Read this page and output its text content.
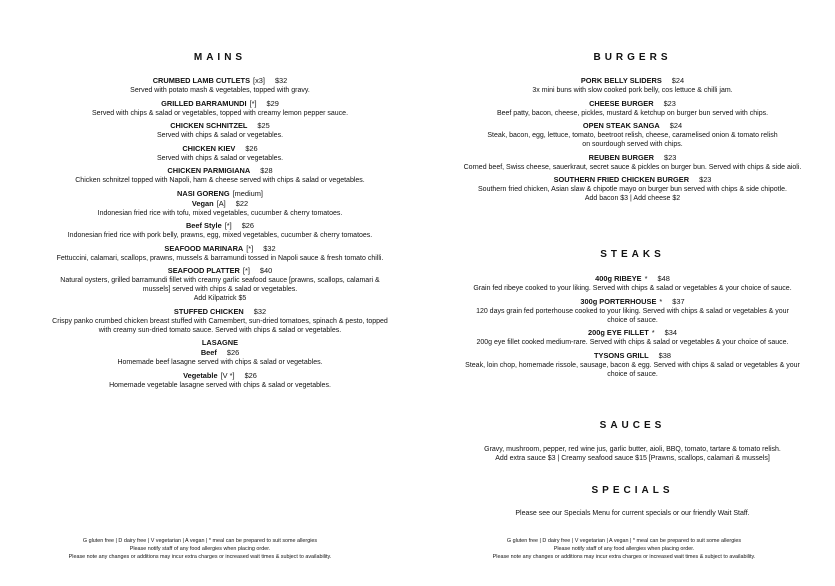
MAINS
CRUMBED LAMB CUTLETS [x3] $32
Served with potato mash & vegetables, topped with gravy.
GRILLED BARRAMUNDI [*] $29
Served with chips & salad or vegetables, topped with creamy lemon pepper sauce.
CHICKEN SCHNITZEL $25
Served with chips & salad or vegetables.
CHICKEN KIEV $26
Served with chips & salad or vegetables.
CHICKEN PARMIGIANA $28
Chicken schnitzel topped with Napoli, ham & cheese served with chips & salad or vegetables.
NASI GORENG [medium]
Vegan [A] $22
Indonesian fried rice with tofu, mixed vegetables, cucumber & cherry tomatoes.
Beef Style [*] $26
Indonesian fried rice with pork belly, prawns, egg, mixed vegetables, cucumber & cherry tomatoes.
SEAFOOD MARINARA [*] $32
Fettuccini, calamari, scallops, prawns, mussels & barramundi tossed in Napoli sauce & fresh tomato chilli.
SEAFOOD PLATTER [*] $40
Natural oysters, grilled barramundi fillet with creamy garlic seafood sauce [prawns, scallops, calamari &
mussels] served with chips & salad or vegetables.
Add Kilpatrick $5
STUFFED CHICKEN $32
Crispy panko crumbed chicken breast stuffed with Camembert, sun-dried tomatoes, spinach & pesto, topped
with creamy sun-dried tomato sauce. Served with chips & salad or vegetables.
LASAGNE
Beef $26
Homemade beef lasagne served with chips & salad or vegetables.
Vegetable [V *] $26
Homemade vegetable lasagne served with chips & salad or vegetables.
BURGERS
PORK BELLY SLIDERS $24
3x mini buns with slow cooked pork belly, cos lettuce & chilli jam.
CHEESE BURGER $23
Beef patty, bacon, cheese, pickles, mustard & ketchup on burger bun served with chips.
OPEN STEAK SANGA $24
Steak, bacon, egg, lettuce, tomato, beetroot relish, cheese, caramelised onion & tomato relish
on sourdough served with chips.
REUBEN BURGER $23
Corned beef, Swiss cheese, sauerkraut, secret sauce & pickles on burger bun. Served with chips & side aioli.
SOUTHERN FRIED CHICKEN BURGER $23
Southern fried chicken, Asian slaw & chipotle mayo on burger bun served with chips & side chipotle.
Add bacon $3 | Add cheese $2
STEAKS
400g RIBEYE * $48
Grain fed ribeye cooked to your liking. Served with chips & salad or vegetables & your choice of sauce.
300g PORTERHOUSE * $37
120 days grain fed porterhouse cooked to your liking. Served with chips & salad or vegetables & your
choice of sauce.
200g EYE FILLET * $34
200g eye fillet cooked medium-rare. Served with chips & salad or vegetables & your choice of sauce.
TYSONS GRILL $38
Steak, loin chop, homemade rissole, sausage, bacon & egg. Served with chips & salad or vegetables & your
choice of sauce.
SAUCES
Gravy, mushroom, pepper, red wine jus, garlic butter, aioli, BBQ, tomato, tartare & tomato relish.
Add extra sauce $3 | Creamy seafood sauce $15 [Prawns, scallops, calamari & mussels]
SPECIALS
Please see our Specials Menu for current specials or our friendly Wait Staff.
G gluten free | D dairy free | V vegetarian | A vegan | * meal can be prepared to suit some allergies
Please notify staff of any food allergies when placing order.
Please note any changes or additions may incur extra charges or increased wait times & subject to availability.
G gluten free | D dairy free | V vegetarian | A vegan | * meal can be prepared to suit some allergies
Please notify staff of any food allergies when placing order.
Please note any changes or additions may incur extra charges or increased wait times & subject to availability.
